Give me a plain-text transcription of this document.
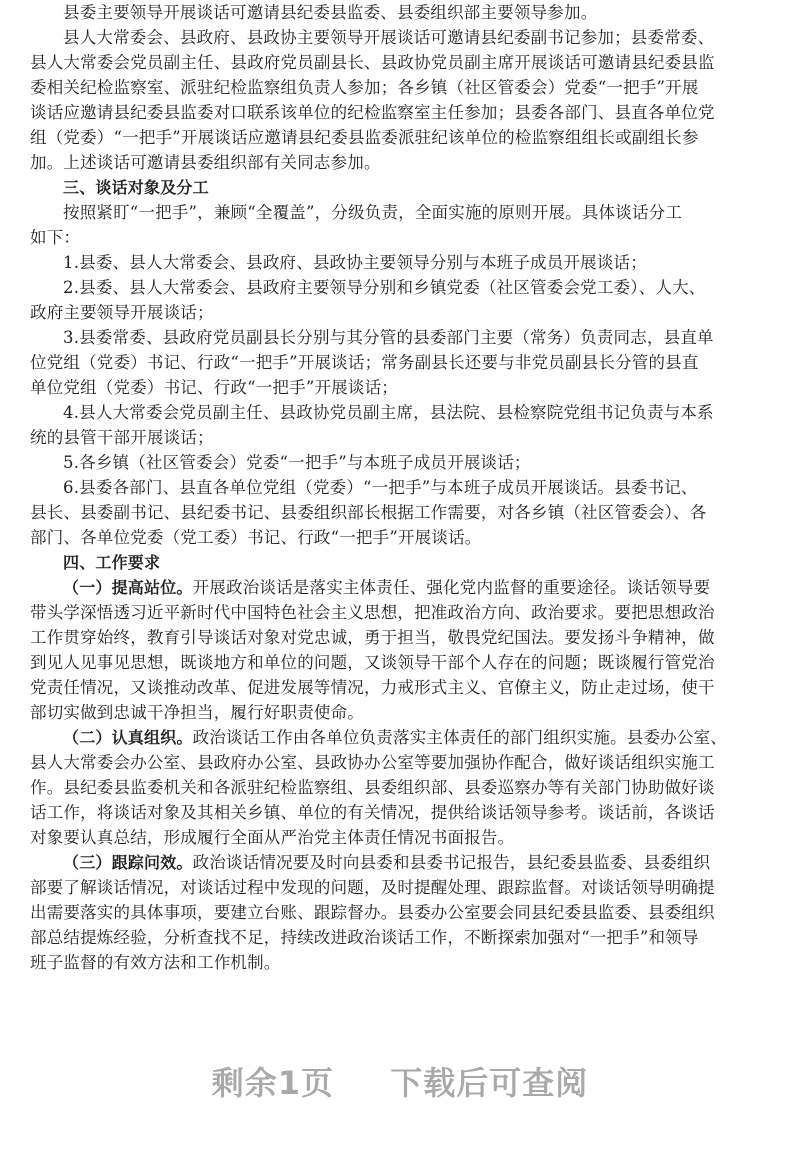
县委主要领导开展谈话可邀请县纪委县监委、县委组织部主要领导参加。
县人大常委会、县政府、县政协主要领导开展谈话可邀请县纪委副书记参加；县委常委、
县人大常委会党员副主任、县政府党员副县长、县政协党员副主席开展谈话可邀请县纪委县监
委相关纪检监察室、派驻纪检监察组负责人参加；各乡镇（社区管委会）党委“一把手”开展
谈话应邀请县纪委县监委对口联系该单位的纪检监察室主任参加；县委各部门、县直各单位党
组（党委）“一把手”开展谈话应邀请县纪委县监委派驻纪该单位的检监察组组长或副组长参
加。上述谈话可邀请县委组织部有关同志参加。
三、谈话对象及分工
按照紧盯“一把手”，兼顾“全覆盖”，分级负责，全面实施的原则开展。具体谈话分工
如下：
1.县委、县人大常委会、县政府、县政协主要领导分别与本班子成员开展谈话；
2.县委、县人大常委会、县政府主要领导分别和乡镇党委（社区管委会党工委）、人大、
政府主要领导开展谈话；
3.县委常委、县政府党员副县长分别与其分管的县委部门主要（常务）负责同志，县直单
位党组（党委）书记、行政“一把手”开展谈话；常务副县长还要与非党员副县长分管的县直
单位党组（党委）书记、行政“一把手”开展谈话；
4.县人大常委会党员副主任、县政协党员副主席，县法院、县检察院党组书记负责与本系
统的县管干部开展谈话；
5.各乡镇（社区管委会）党委“一把手”与本班子成员开展谈话；
6.县委各部门、县直各单位党组（党委）“一把手”与本班子成员开展谈话。县委书记、
县长、县委副书记、县纪委书记、县委组织部长根据工作需要，对各乡镇（社区管委会）、各
部门、各单位党委（党工委）书记、行政“一把手”开展谈话。
四、工作要求
（一）提高站位。开展政治谈话是落实主体责任、强化党内监督的重要途径。谈话领导要
带头学深悟透习近平新时代中国特色社会主义思想，把准政治方向、政治要求。要把思想政治
工作贯穿始终，教育引导谈话对象对党忠诚，勇于担当，敬畏党纪国法。要发扬斗争精神，做
到见人见事见思想，既谈地方和单位的问题，又谈领导干部个人存在的问题；既谈履行管党治
党责任情况，又谈推动改革、促进发展等情况，力戒形式主义、官僚主义，防止走过场，使干
部切实做到忠诚干净担当，履行好职责使命。
（二）认真组织。政治谈话工作由各单位负责落实主体责任的部门组织实施。县委办公室、
县人大常委会办公室、县政府办公室、县政协办公室等要加强协作配合，做好谈话组织实施工
作。县纪委县监委机关和各派驻纪检监察组、县委组织部、县委巡察办等有关部门协助做好谈
话工作，将谈话对象及其相关乡镇、单位的有关情况，提供给谈话领导参考。谈话前，各谈话
对象要认真总结，形成履行全面从严治党主体责任情况书面报告。
（三）跟踪问效。政治谈话情况要及时向县委和县委书记报告，县纪委县监委、县委组织
部要了解谈话情况，对谈话过程中发现的问题，及时提醒处理、跟踪监督。对谈话领导明确提
出需要落实的具体事项，要建立台账、跟踪督办。县委办公室要会同县纪委县监委、县委组织
部总结提炼经验，分析查找不足，持续改进政治谈话工作，不断探索加强对“一把手”和领导
班子监督的有效方法和工作机制。
剩余1页 下载后可查阅
